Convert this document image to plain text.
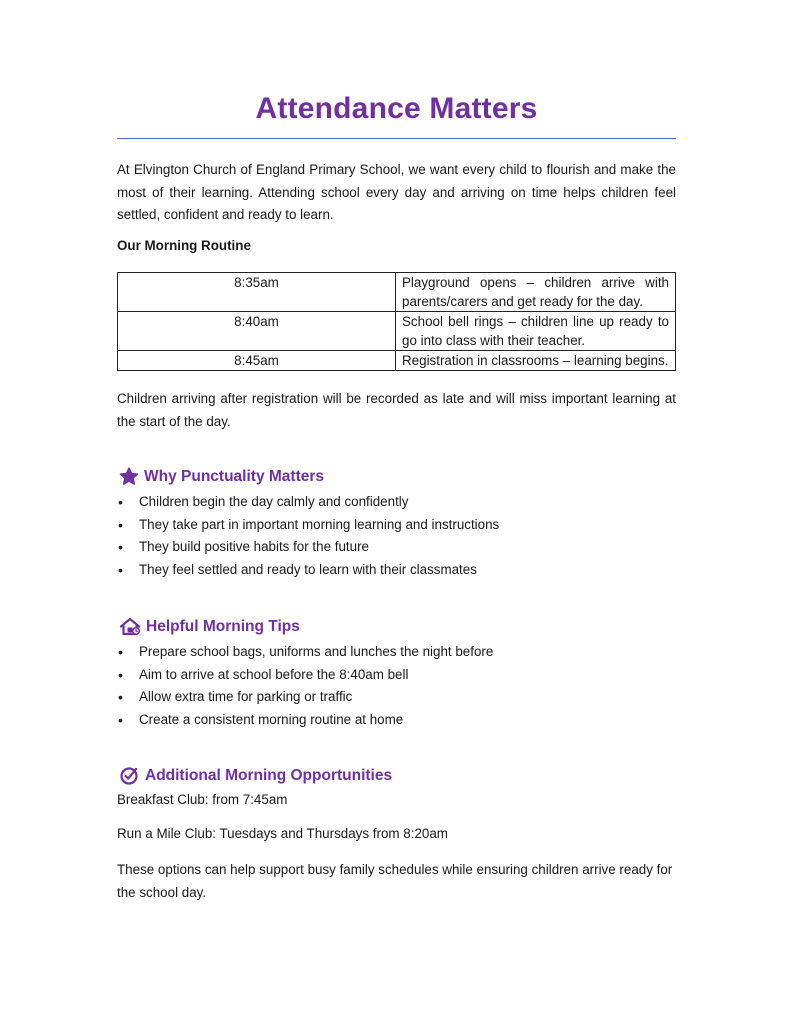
Attendance Matters
At Elvington Church of England Primary School, we want every child to flourish and make the most of their learning. Attending school every day and arriving on time helps children feel settled, confident and ready to learn.
Our Morning Routine
8:35am	Playground opens – children arrive with parents/carers and get ready for the day.
8:40am	School bell rings – children line up ready to go into class with their teacher.
8:45am	Registration in classrooms – learning begins.
Children arriving after registration will be recorded as late and will miss important learning at the start of the day.
Why Punctuality Matters
• Children begin the day calmly and confidently
• They take part in important morning learning and instructions
• They build positive habits for the future
• They feel settled and ready to learn with their classmates
Helpful Morning Tips
• Prepare school bags, uniforms and lunches the night before
• Aim to arrive at school before the 8:40am bell
• Allow extra time for parking or traffic
• Create a consistent morning routine at home
Additional Morning Opportunities
Breakfast Club: from 7:45am
Run a Mile Club: Tuesdays and Thursdays from 8:20am
These options can help support busy family schedules while ensuring children arrive ready for the school day.
